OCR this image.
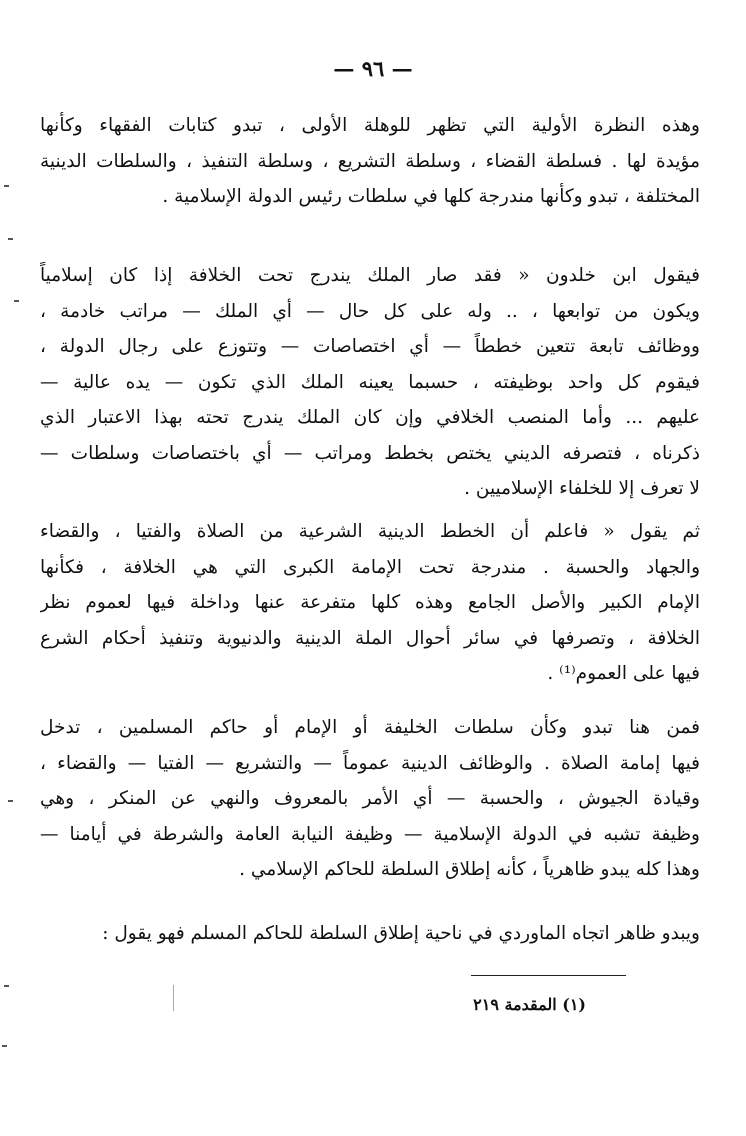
— ٩٦ —
وهذه النظرة الأولية التي تظهر للوهلة الأولى ، تبدو كتابات الفقهاء وكأنها
مؤيدة لها . فسلطة القضاء ، وسلطة التشريع ، وسلطة التنفيذ ، والسلطات الدينية
المختلفة ، تبدو وكأنها مندرجة كلها في سلطات رئيس الدولة الإسلامية .
فيقول ابن خلدون « فقد صار الملك يندرج تحت الخلافة إذا كان إسلامياً
ويكون من توابعها ، .. وله على كل حال — أي الملك — مراتب خادمة ،
ووظائف تابعة تتعين خططاً — أي اختصاصات — وتتوزع على رجال الدولة ،
فيقوم كل واحد بوظيفته ، حسبما يعينه الملك الذي تكون — يده عالية —
عليهم ... وأما المنصب الخلافي وإن كان الملك يندرج تحته بهذا الاعتبار الذي
ذكرناه ، فتصرفه الديني يختص بخطط ومراتب — أي باختصاصات وسلطات —
لا تعرف إلا للخلفاء الإسلاميين .
ثم يقول « فاعلم أن الخطط الدينية الشرعية من الصلاة والفتيا ، والقضاء
والجهاد والحسبة . مندرجة تحت الإمامة الكبرى التي هي الخلافة ، فكأنها
الإمام الكبير والأصل الجامع وهذه كلها متفرعة عنها وداخلة فيها لعموم نظر
الخلافة ، وتصرفها في سائر أحوال الملة الدينية والدنيوية وتنفيذ أحكام الشرع
فيها على العموم⁽¹⁾ .
فمن هنا تبدو وكأن سلطات الخليفة أو الإمام أو حاكم المسلمين ، تدخل
فيها إمامة الصلاة . والوظائف الدينية عموماً — والتشريع — الفتيا — والقضاء ،
وقيادة الجيوش ، والحسبة — أي الأمر بالمعروف والنهي عن المنكر ، وهي
وظيفة تشبه في الدولة الإسلامية — وظيفة النيابة العامة والشرطة في أيامنا —
وهذا كله يبدو ظاهرياً ، كأنه إطلاق السلطة للحاكم الإسلامي .
ويبدو ظاهر اتجاه الماوردي في ناحية إطلاق السلطة للحاكم المسلم فهو يقول :
(١) المقدمة ٢١٩
